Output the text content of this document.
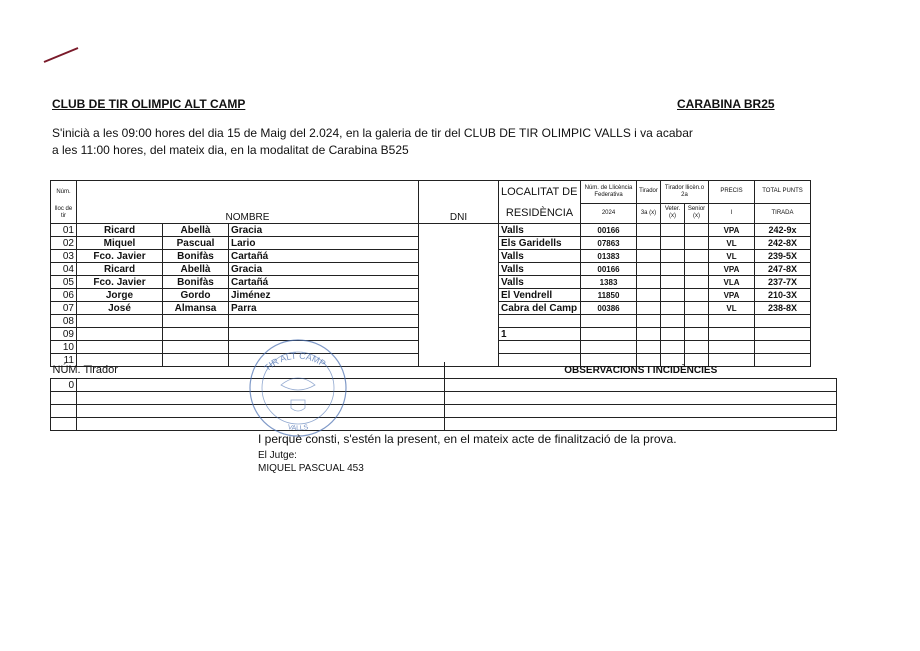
CLUB DE TIR OLIMPIC ALT CAMP	CARABINA BR25
S'inicià a les 09:00 hores del dia 15 de Maig del 2.024, en la galeria de tir del CLUB DE TIR OLIMPIC VALLS i va acabar
a les 11:00 hores, del mateix dia, en la modalitat de Carabina B525
Núm.					LOCALITAT DE	Núm. de Llicència Federativa	Tirador	Tirador llicèn.o 2a		PRECIS	TOTAL PUNTS
lloc de tir	NOMBRE			DNI	RESIDÈNCIA	2024	3a (x)	Veter. (x)	Senior (x)	I	TIRADA
01	Ricard	Abellà	Gracia		Valls	00166				VPA	242-9x
02	Miquel	Pascual	Lario		Els Garidells	07863				VL	242-8X
03	Fco. Javier	Bonifàs	Cartañá		Valls	01383				VL	239-5X
04	Ricard	Abellà	Gracia		Valls	00166				VPA	247-8X
05	Fco. Javier	Bonifàs	Cartañá		Valls	1383				VLA	237-7X
06	Jorge	Gordo	Jiménez		El Vendrell	11850				VPA	210-3X
07	José	Almansa	Parra		Cabra del Camp	00386				VL	238-8X
08											
09					1						
10											
11											
NÚM. Tirador		OBSERVACIONS I INCIDÈNCIES
0		

TIR ALT CAMP
VALLS
I perquè consti, s'estén la present, en el mateix acte de finalització de la prova.
El Jutge:
MIQUEL PASCUAL 453
